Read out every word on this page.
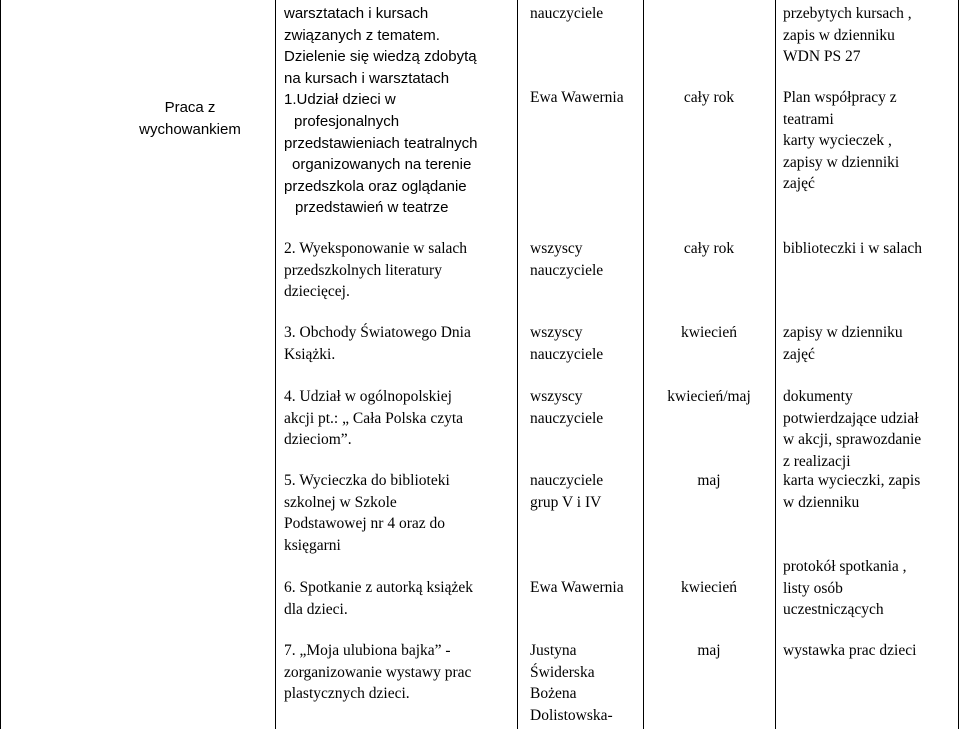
Praca z
wychowankiem
warsztatach i kursach
związanych z tematem.
Dzielenie się wiedzą zdobytą
na kursach i warsztatach
1.Udział dzieci w
profesjonalnych
przedstawieniach teatralnych
organizowanych na terenie
przedszkola oraz oglądanie
przedstawień w teatrze
2. Wyeksponowanie w salach
przedszkolnych literatury
dziecięcej.
3. Obchody Światowego Dnia
Książki.
4. Udział w ogólnopolskiej
akcji pt.: „ Cała Polska czyta
dzieciom”.
5. Wycieczka do biblioteki
szkolnej w Szkole
Podstawowej nr 4 oraz do
księgarni
6. Spotkanie z autorką książek
dla dzieci.
7. „Moja ulubiona bajka” -
zorganizowanie wystawy prac
plastycznych dzieci.
nauczyciele
Ewa Wawernia
wszyscy
nauczyciele
wszyscy
nauczyciele
wszyscy
nauczyciele
nauczyciele
grup V i IV
Ewa Wawernia
Justyna
Świderska
Bożena
Dolistowska-
cały rok
cały rok
kwiecień
kwiecień/maj
maj
kwiecień
maj
przebytych kursach ,
zapis w dzienniku
WDN PS 27
Plan współpracy z
teatrami
karty wycieczek ,
zapisy w dzienniki
zajęć
biblioteczki i w salach
zapisy w dzienniku
zajęć
dokumenty
potwierdzające udział
w akcji, sprawozdanie
z realizacji
karta wycieczki, zapis
w dzienniku
protokół spotkania ,
listy osób
uczestniczących
wystawka prac dzieci
